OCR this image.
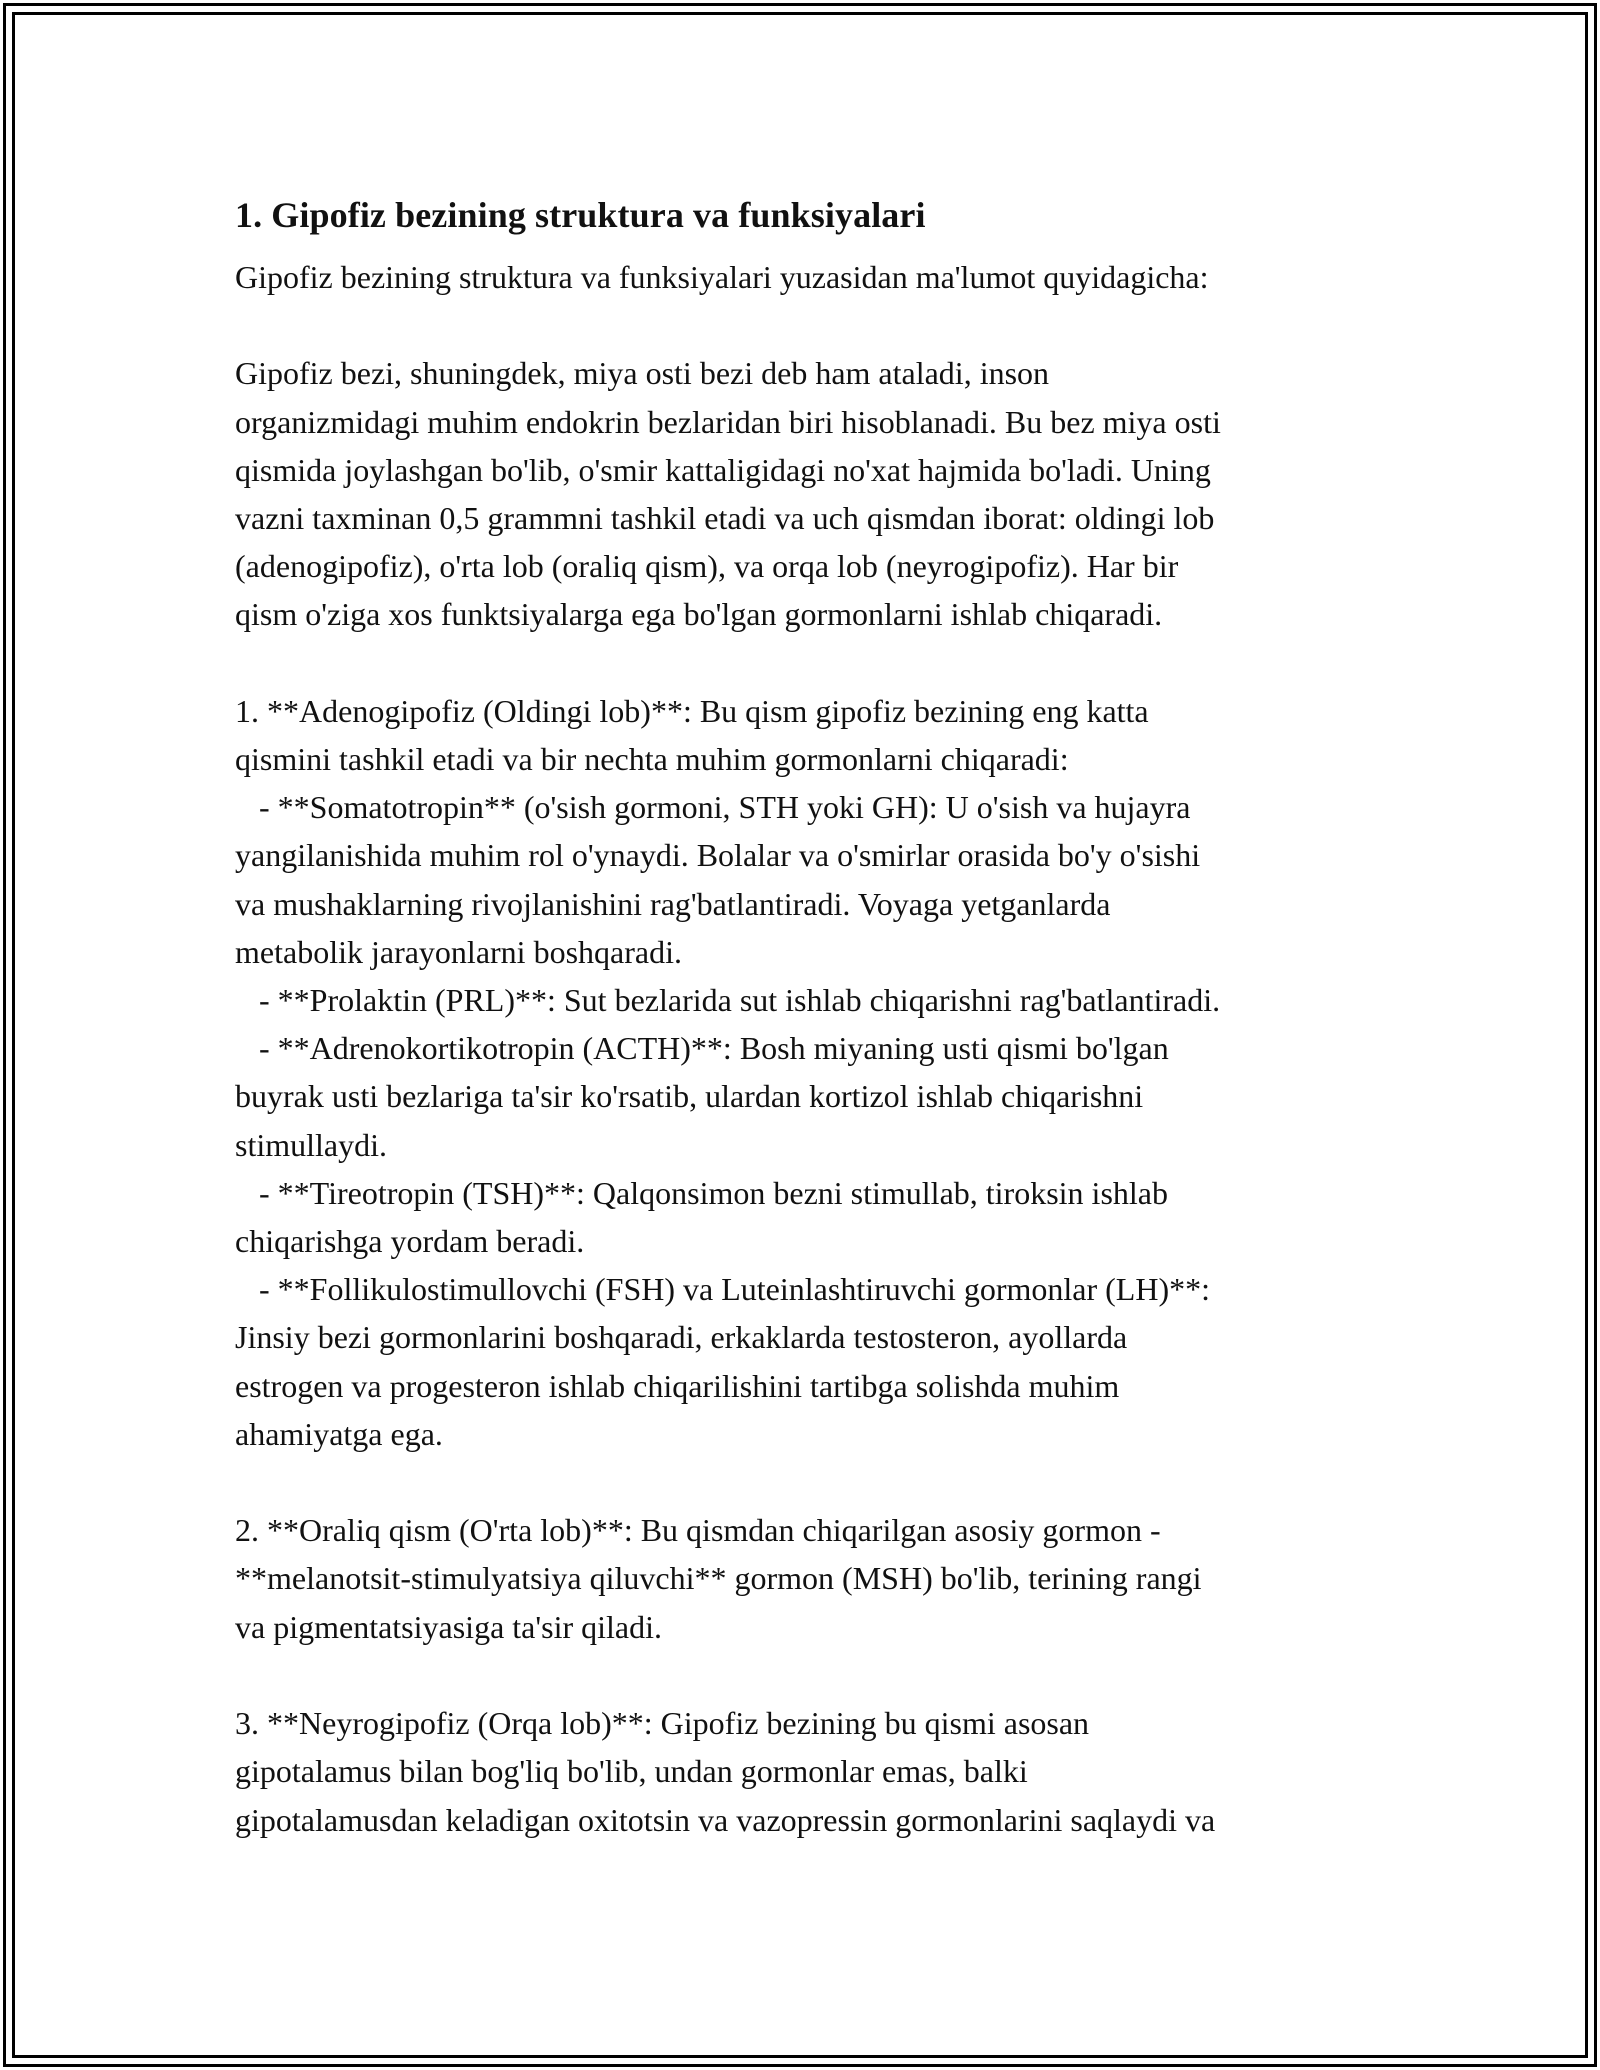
1. Gipofiz bezining struktura va funksiyalari
Gipofiz bezining struktura va funksiyalari yuzasidan ma'lumot quyidagicha:

Gipofiz bezi, shuningdek, miya osti bezi deb ham ataladi, inson
organizmidagi muhim endokrin bezlaridan biri hisoblanadi. Bu bez miya osti
qismida joylashgan bo'lib, o'smir kattaligidagi no'xat hajmida bo'ladi. Uning
vazni taxminan 0,5 grammni tashkil etadi va uch qismdan iborat: oldingi lob
(adenogipofiz), o'rta lob (oraliq qism), va orqa lob (neyrogipofiz). Har bir
qism o'ziga xos funktsiyalarga ega bo'lgan gormonlarni ishlab chiqaradi.

1. **Adenogipofiz (Oldingi lob)**: Bu qism gipofiz bezining eng katta
qismini tashkil etadi va bir nechta muhim gormonlarni chiqaradi:
- **Somatotropin** (o'sish gormoni, STH yoki GH): U o'sish va hujayra
yangilanishida muhim rol o'ynaydi. Bolalar va o'smirlar orasida bo'y o'sishi
va mushaklarning rivojlanishini rag'batlantiradi. Voyaga yetganlarda
metabolik jarayonlarni boshqaradi.
- **Prolaktin (PRL)**: Sut bezlarida sut ishlab chiqarishni rag'batlantiradi.
- **Adrenokortikotropin (ACTH)**: Bosh miyaning usti qismi bo'lgan
buyrak usti bezlariga ta'sir ko'rsatib, ulardan kortizol ishlab chiqarishni
stimullaydi.
- **Tireotropin (TSH)**: Qalqonsimon bezni stimullab, tiroksin ishlab
chiqarishga yordam beradi.
- **Follikulostimullovchi (FSH) va Luteinlashtiruvchi gormonlar (LH)**:
Jinsiy bezi gormonlarini boshqaradi, erkaklarda testosteron, ayollarda
estrogen va progesteron ishlab chiqarilishini tartibga solishda muhim
ahamiyatga ega.

2. **Oraliq qism (O'rta lob)**: Bu qismdan chiqarilgan asosiy gormon -
**melanotsit-stimulyatsiya qiluvchi** gormon (MSH) bo'lib, terining rangi
va pigmentatsiyasiga ta'sir qiladi.

3. **Neyrogipofiz (Orqa lob)**: Gipofiz bezining bu qismi asosan
gipotalamus bilan bog'liq bo'lib, undan gormonlar emas, balki
gipotalamusdan keladigan oxitotsin va vazopressin gormonlarini saqlaydi va
